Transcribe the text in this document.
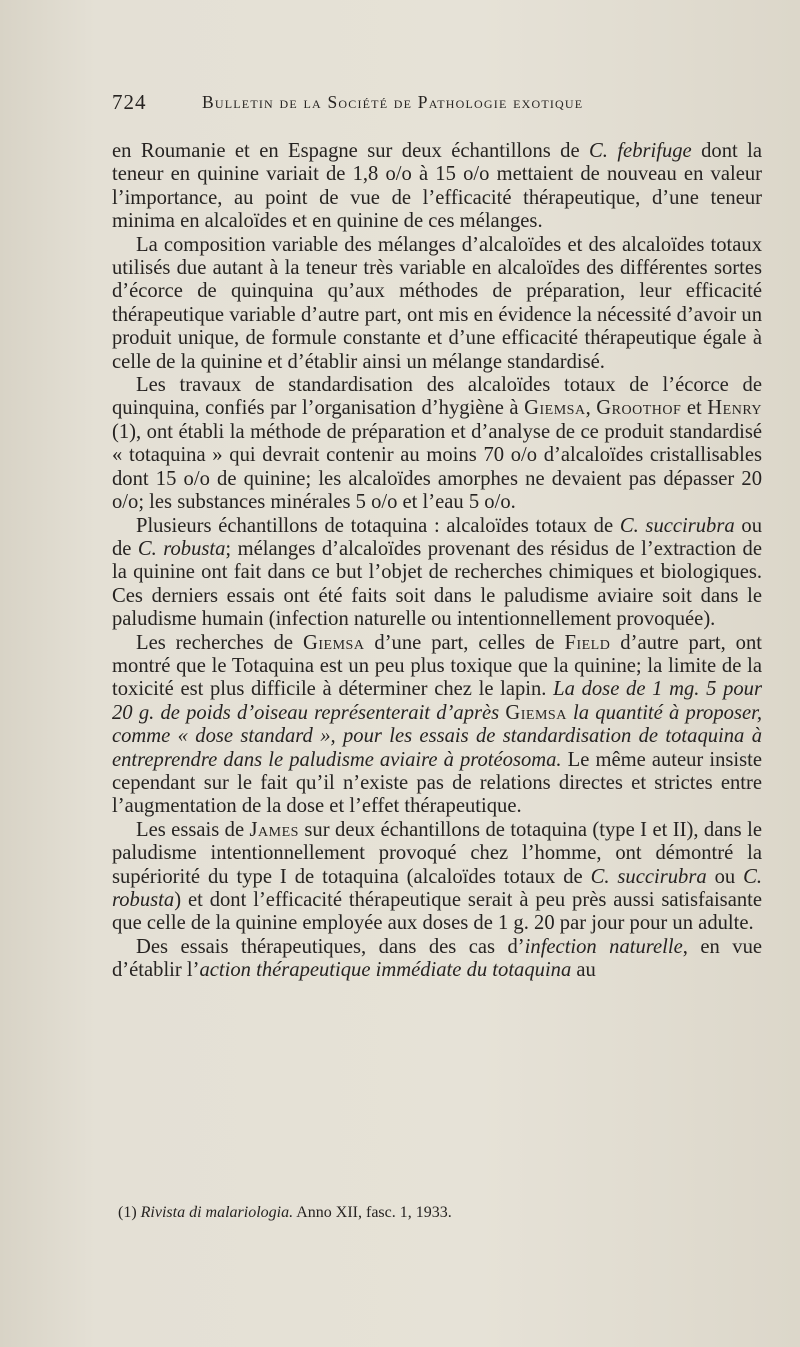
724	Bulletin de la Société de Pathologie exotique

en Roumanie et en Espagne sur deux échantillons de C. febrifuge dont la teneur en quinine variait de 1,8 o/o à 15 o/o mettaient de nouveau en valeur l’importance, au point de vue de l’efficacité thérapeutique, d’une teneur minima en alcaloïdes et en quinine de ces mélanges.

La composition variable des mélanges d’alcaloïdes et des alcaloïdes totaux utilisés due autant à la teneur très variable en alcaloïdes des différentes sortes d’écorce de quinquina qu’aux méthodes de préparation, leur efficacité thérapeutique variable d’autre part, ont mis en évidence la nécessité d’avoir un produit unique, de formule constante et d’une efficacité thérapeutique égale à celle de la quinine et d’établir ainsi un mélange standardisé.

Les travaux de standardisation des alcaloïdes totaux de l’écorce de quinquina, confiés par l’organisation d’hygiène à Giemsa, Groothof et Henry (1), ont établi la méthode de préparation et d’analyse de ce produit standardisé « totaquina » qui devrait contenir au moins 70 o/o d’alcaloïdes cristallisables dont 15 o/o de quinine; les alcaloïdes amorphes ne devaient pas dépasser 20 o/o; les substances minérales 5 o/o et l’eau 5 o/o.

Plusieurs échantillons de totaquina : alcaloïdes totaux de C. succirubra ou de C. robusta; mélanges d’alcaloïdes provenant des résidus de l’extraction de la quinine ont fait dans ce but l’objet de recherches chimiques et biologiques. Ces derniers essais ont été faits soit dans le paludisme aviaire soit dans le paludisme humain (infection naturelle ou intentionnellement provoquée).

Les recherches de Giemsa d’une part, celles de Field d’autre part, ont montré que le Totaquina est un peu plus toxique que la quinine; la limite de la toxicité est plus difficile à déterminer chez le lapin. La dose de 1 mg. 5 pour 20 g. de poids d’oiseau représenterait d’après Giemsa la quantité à proposer, comme « dose standard », pour les essais de standardisation de totaquina à entreprendre dans le paludisme aviaire à protéosoma. Le même auteur insiste cependant sur le fait qu’il n’existe pas de relations directes et strictes entre l’augmentation de la dose et l’effet thérapeutique.

Les essais de James sur deux échantillons de totaquina (type I et II), dans le paludisme intentionnellement provoqué chez l’homme, ont démontré la supériorité du type I de totaquina (alcaloïdes totaux de C. succirubra ou C. robusta) et dont l’efficacité thérapeutique serait à peu près aussi satisfaisante que celle de la quinine employée aux doses de 1 g. 20 par jour pour un adulte.

Des essais thérapeutiques, dans des cas d’infection naturelle, en vue d’établir l’action thérapeutique immédiate du totaquina au

(1) Rivista di malariologia. Anno XII, fasc. 1, 1933.
